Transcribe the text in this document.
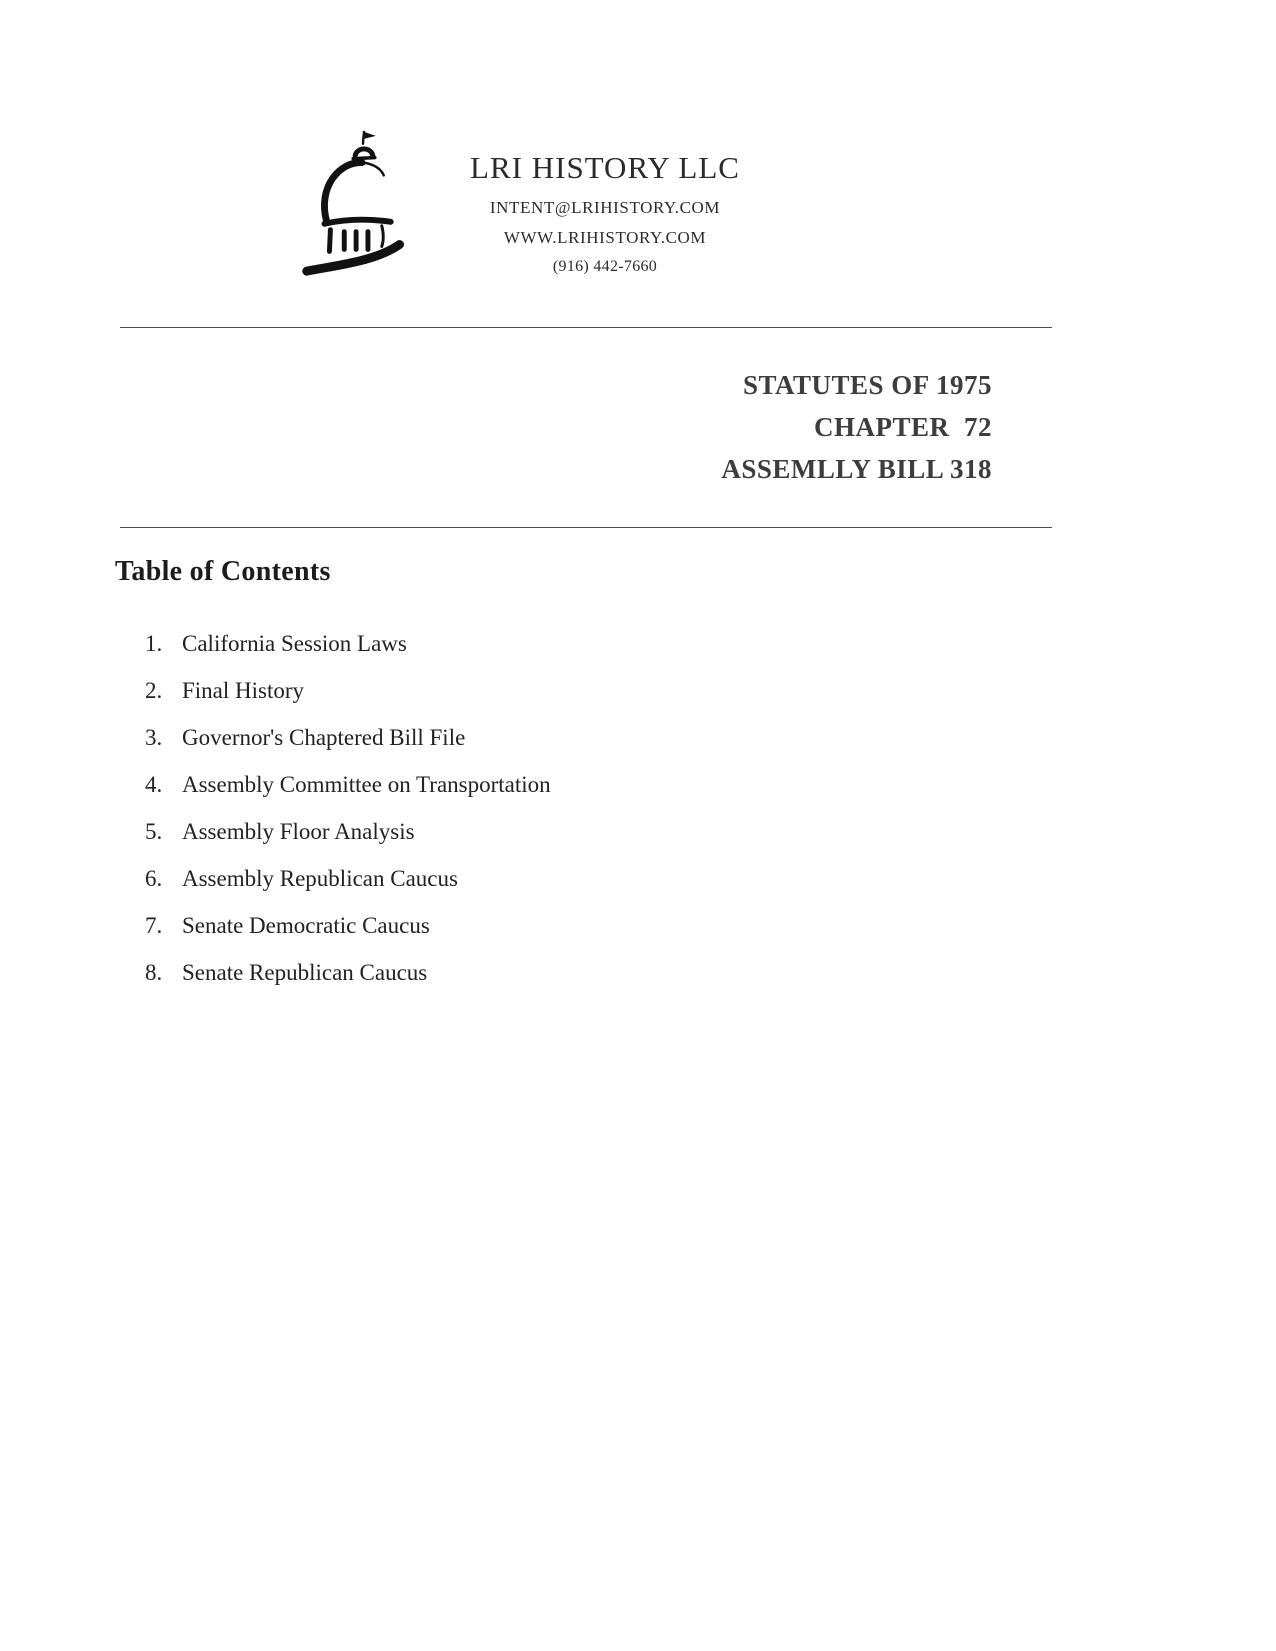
LRI HISTORY LLC
INTENT@LRIHISTORY.COM
WWW.LRIHISTORY.COM
(916) 442-7660
STATUTES OF 1975
CHAPTER  72
ASSEMLLY BILL 318
Table of Contents
1. California Session Laws
2. Final History
3. Governor's Chaptered Bill File
4. Assembly Committee on Transportation
5. Assembly Floor Analysis
6. Assembly Republican Caucus
7. Senate Democratic Caucus
8. Senate Republican Caucus
